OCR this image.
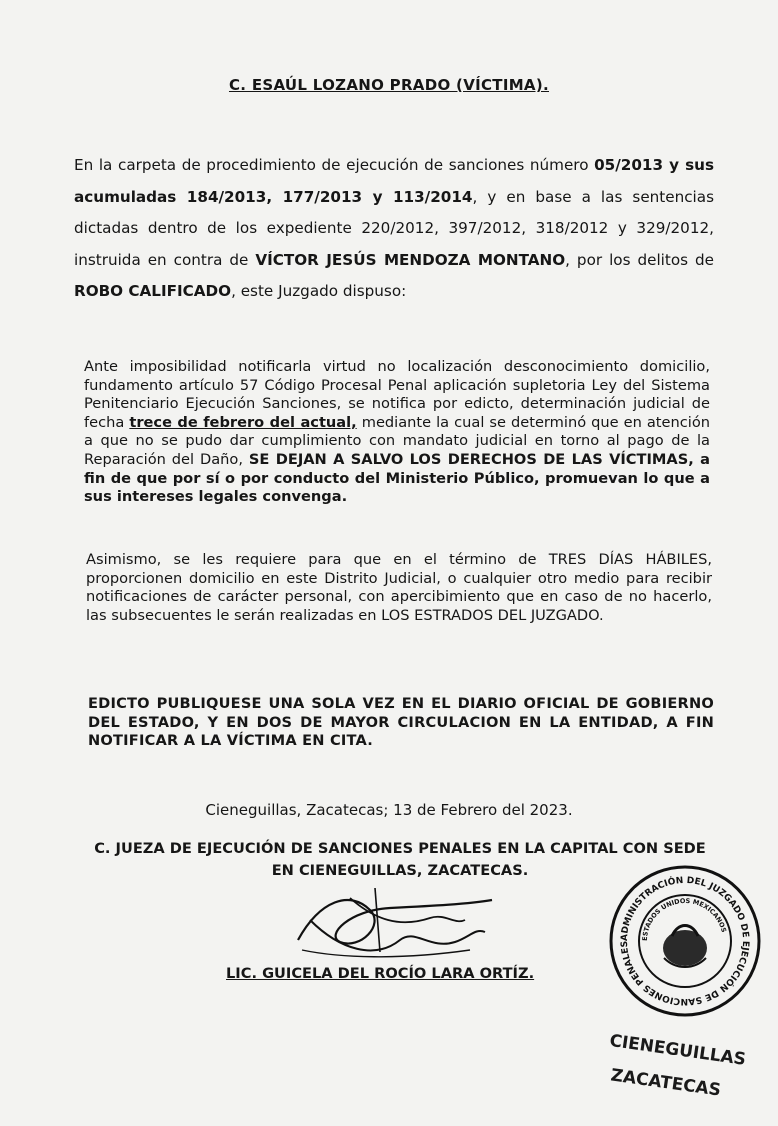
C. ESAÚL LOZANO PRADO (VÍCTIMA).
En la carpeta de procedimiento de ejecución de sanciones número 05/2013 y sus acumuladas 184/2013, 177/2013 y 113/2014, y en base a las sentencias dictadas dentro de los expediente 220/2012, 397/2012, 318/2012 y 329/2012, instruida en contra de VÍCTOR JESÚS MENDOZA MONTANO, por los delitos de ROBO CALIFICADO, este Juzgado dispuso:
Ante imposibilidad notificarla virtud no localización desconocimiento domicilio, fundamento artículo 57 Código Procesal Penal aplicación supletoria Ley del Sistema Penitenciario Ejecución Sanciones, se notifica por edicto, determinación judicial de fecha trece de febrero del actual, mediante la cual se determinó que en atención a que no se pudo dar cumplimiento con mandato judicial en torno al pago de la Reparación del Daño, SE DEJAN A SALVO LOS DERECHOS DE LAS VÍCTIMAS, a fin de que por sí o por conducto del Ministerio Público, promuevan lo que a sus intereses legales convenga.
Asimismo, se les requiere para que en el término de TRES DÍAS HÁBILES, proporcionen domicilio en este Distrito Judicial, o cualquier otro medio para recibir notificaciones de carácter personal, con apercibimiento que en caso de no hacerlo, las subsecuentes le serán realizadas en LOS ESTRADOS DEL JUZGADO.
EDICTO PUBLIQUESE UNA SOLA VEZ EN EL DIARIO OFICIAL DE GOBIERNO DEL ESTADO, Y EN DOS DE MAYOR CIRCULACION EN LA ENTIDAD, A FIN NOTIFICAR A LA VÍCTIMA EN CITA.
Cieneguillas, Zacatecas; 13 de Febrero del 2023.
C. JUEZA DE EJECUCIÓN DE SANCIONES PENALES EN LA CAPITAL CON SEDE EN CIENEGUILLAS, ZACATECAS.
LIC. GUICELA DEL ROCÍO LARA ORTÍZ.
ADMINISTRACIÓN DEL JUZGADO DE EJECUCIÓN DE SANCIONES PENALES
ESTADOS UNIDOS MEXICANOS
CIENEGUILLAS
ZACATECAS
